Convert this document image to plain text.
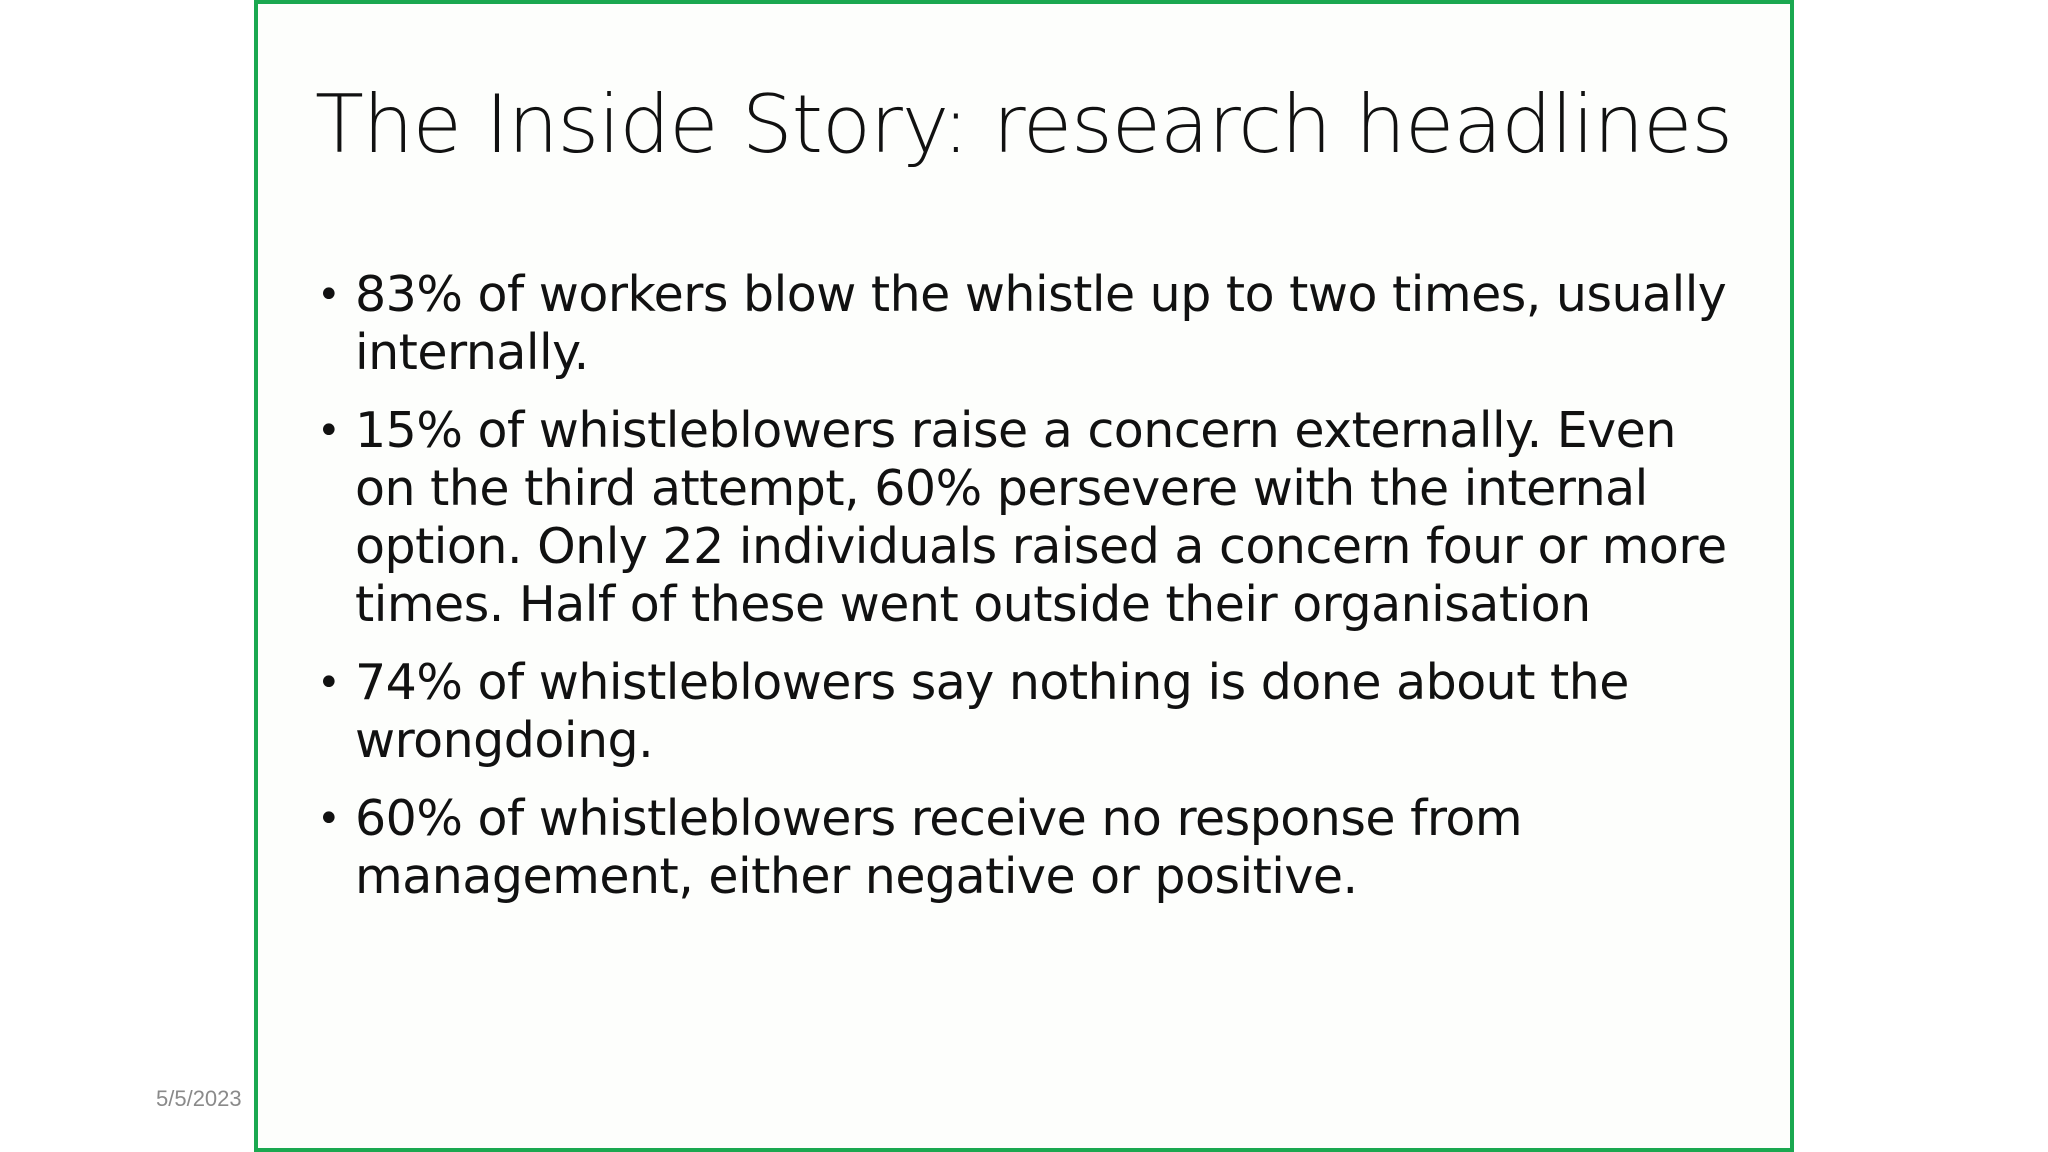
The Inside Story: research headlines
• 83% of workers blow the whistle up to two times, usually internally.
• 15% of whistleblowers raise a concern externally. Even on the third attempt, 60% persevere with the internal option. Only 22 individuals raised a concern four or more times. Half of these went outside their organisation
• 74% of whistleblowers say nothing is done about the wrongdoing.
• 60% of whistleblowers receive no response from management, either negative or positive.
5/5/2023
